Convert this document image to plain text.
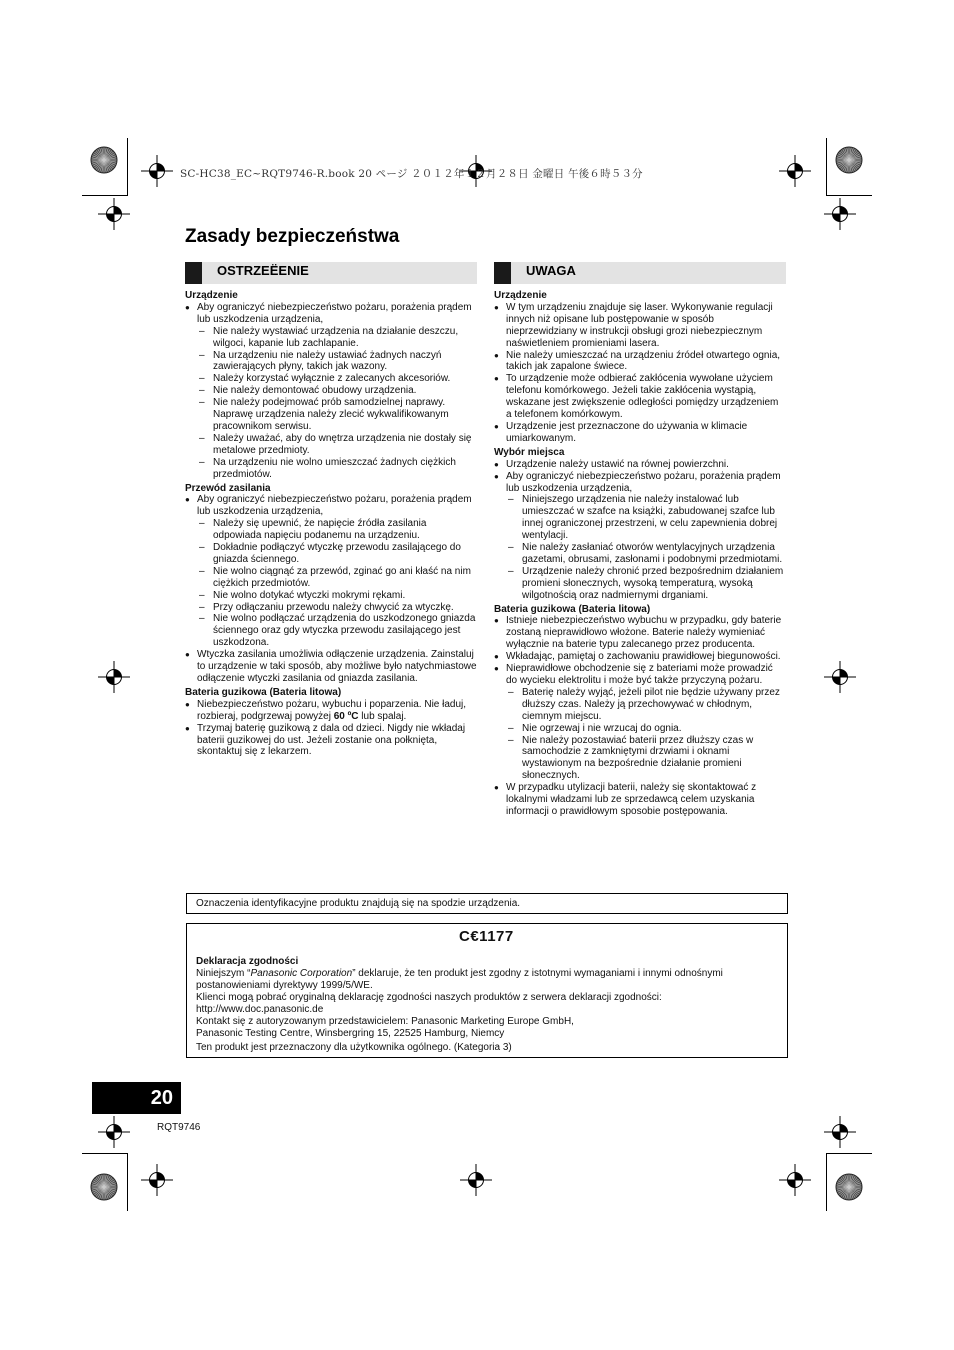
SC-HC38_EC~RQT9746-R.book 20 ページ ２０１２年１２月２８日 金曜日 午後６時５３分
Zasady bezpieczeństwa
OSTRZEËENIE

Urządzenie

● Aby ograniczyć niebezpieczeństwo pożaru, porażenia prądem lub uszkodzenia urządzenia,
– Nie należy wystawiać urządzenia na działanie deszczu, wilgoci, kapanie lub zachlapanie.
– Na urządzeniu nie należy ustawiać żadnych naczyń zawierających płyny, takich jak wazony.
– Należy korzystać wyłącznie z zalecanych akcesoriów.
– Nie należy demontować obudowy urządzenia.
– Nie należy podejmować prób samodzielnej naprawy. Naprawę urządzenia należy zlecić wykwalifikowanym pracownikom serwisu.
– Należy uważać, aby do wnętrza urządzenia nie dostały się metalowe przedmioty.
– Na urządzeniu nie wolno umieszczać żadnych ciężkich przedmiotów.

Przewód zasilania

● Aby ograniczyć niebezpieczeństwo pożaru, porażenia prądem lub uszkodzenia urządzenia,
– Należy się upewnić, że napięcie źródła zasilania odpowiada napięciu podanemu na urządzeniu.
– Dokładnie podłączyć wtyczkę przewodu zasilającego do gniazda ściennego.
– Nie wolno ciągnąć za przewód, zginać go ani kłaść na nim ciężkich przedmiotów.
– Nie wolno dotykać wtyczki mokrymi rękami.
– Przy odłączaniu przewodu należy chwycić za wtyczkę.
– Nie wolno podłączać urządzenia do uszkodzonego gniazda ściennego oraz gdy wtyczka przewodu zasilającego jest uszkodzona.
● Wtyczka zasilania umożliwia odłączenie urządzenia. Zainstaluj to urządzenie w taki sposób, aby możliwe było natychmiastowe odłączenie wtyczki zasilania od gniazda zasilania.

Bateria guzikowa (Bateria litowa)

● Niebezpieczeństwo pożaru, wybuchu i poparzenia. Nie ładuj, rozbieraj, podgrzewaj powyżej 60 ºC lub spalaj.
● Trzymaj baterię guzikową z dala od dzieci. Nigdy nie wkładaj baterii guzikowej do ust. Jeżeli zostanie ona połknięta, skontaktuj się z lekarzem.
UWAGA

Urządzenie

● W tym urządzeniu znajduje się laser. Wykonywanie regulacji innych niż opisane lub postępowanie w sposób nieprzewidziany w instrukcji obsługi grozi niebezpiecznym naświetleniem promieniami lasera.
● Nie należy umieszczać na urządzeniu źródeł otwartego ognia, takich jak zapalone świece.
● To urządzenie może odbierać zakłócenia wywołane użyciem telefonu komórkowego. Jeżeli takie zakłócenia wystąpią, wskazane jest zwiększenie odległości pomiędzy urządzeniem a telefonem komórkowym.
● Urządzenie jest przeznaczone do używania w klimacie umiarkowanym.

Wybór miejsca

● Urządzenie należy ustawić na równej powierzchni.
● Aby ograniczyć niebezpieczeństwo pożaru, porażenia prądem lub uszkodzenia urządzenia,
– Niniejszego urządzenia nie należy instalować lub umieszczać w szafce na książki, zabudowanej szafce lub innej ograniczonej przestrzeni, w celu zapewnienia dobrej wentylacji.
– Nie należy zasłaniać otworów wentylacyjnych urządzenia gazetami, obrusami, zasłonami i podobnymi przedmiotami.
– Urządzenie należy chronić przed bezpośrednim działaniem promieni słonecznych, wysoką temperaturą, wysoką wilgotnością oraz nadmiernymi drganiami.

Bateria guzikowa (Bateria litowa)

● Istnieje niebezpieczeństwo wybuchu w przypadku, gdy baterie zostaną nieprawidłowo włożone. Baterie należy wymieniać wyłącznie na baterie typu zalecanego przez producenta.
● Wkładając, pamiętaj o zachowaniu prawidłowej biegunowości.
● Nieprawidłowe obchodzenie się z bateriami może prowadzić do wycieku elektrolitu i może być także przyczyną pożaru.
– Baterię należy wyjąć, jeżeli pilot nie będzie używany przez dłuższy czas. Należy ją przechowywać w chłodnym, ciemnym miejscu.
– Nie ogrzewaj i nie wrzucaj do ognia.
– Nie należy pozostawiać baterii przez dłuższy czas w samochodzie z zamkniętymi drzwiami i oknami wystawionym na bezpośrednie działanie promieni słonecznych.
● W przypadku utylizacji baterii, należy się skontaktować z lokalnymi władzami lub ze sprzedawcą celem uzyskania informacji o prawidłowym sposobie postępowania.
Oznaczenia identyfikacyjne produktu znajdują się na spodzie urządzenia.
C€1177

Deklaracja zgodności

Niniejszym “Panasonic Corporation” deklaruje, że ten produkt jest zgodny z istotnymi wymaganiami i innymi odnośnymi postanowieniami dyrektywy 1999/5/WE.

Klienci mogą pobrać oryginalną deklarację zgodności naszych produktów z serwera deklaracji zgodności:

http://www.doc.panasonic.de

Kontakt się z autoryzowanym przedstawicielem: Panasonic Marketing Europe GmbH,

Panasonic Testing Centre, Winsbergring 15, 22525 Hamburg, Niemcy

Ten produkt jest przeznaczony dla użytkownika ogólnego. (Kategoria 3)

20
RQT9746
